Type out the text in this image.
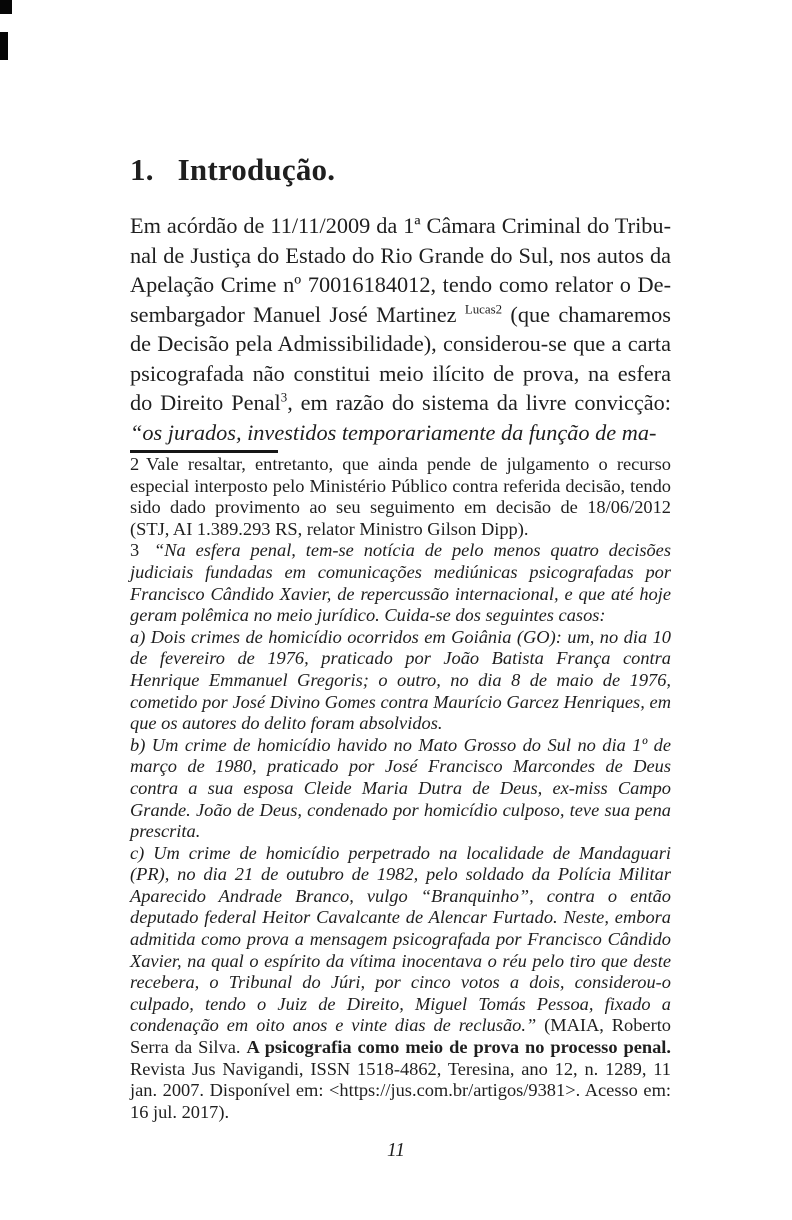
1. Introdução.

Em acórdão de 11/11/2009 da 1ª Câmara Criminal do Tribunal de Justiça do Estado do Rio Grande do Sul, nos autos da Apelação Crime nº 70016184012, tendo como relator o Desembargador Manuel José Martinez $^{Lucas2}$ (que chamaremos de Decisão pela Admissibilidade), considerou-se que a carta psicografada não constitui meio ilícito de prova, na esfera do Direito Penal$^3$, em razão do sistema da livre convicção: “os jurados, investidos temporariamente da função de ma-

2 Vale resaltar, entretanto, que ainda pende de julgamento o recurso especial interposto pelo Ministério Público contra referida decisão, tendo sido dado provimento ao seu seguimento em decisão de 18/06/2012 (STJ, AI 1.389.293 RS, relator Ministro Gilson Dipp).

3 “Na esfera penal, tem-se notícia de pelo menos quatro decisões judiciais fundadas em comunicações mediúnicas psicografadas por Francisco Cândido Xavier, de repercussão internacional, e que até hoje geram polêmica no meio jurídico. Cuida-se dos seguintes casos:

a) Dois crimes de homicídio ocorridos em Goiânia (GO): um, no dia 10 de fevereiro de 1976, praticado por João Batista França contra Henrique Emmanuel Gregoris; o outro, no dia 8 de maio de 1976, cometido por José Divino Gomes contra Maurício Garcez Henriques, em que os autores do delito foram absolvidos.

b) Um crime de homicídio havido no Mato Grosso do Sul no dia 1º de março de 1980, praticado por José Francisco Marcondes de Deus contra a sua esposa Cleide Maria Dutra de Deus, ex-miss Campo Grande. João de Deus, condenado por homicídio culposo, teve sua pena prescrita.

c) Um crime de homicídio perpetrado na localidade de Mandaguari (PR), no dia 21 de outubro de 1982, pelo soldado da Polícia Militar Aparecido Andrade Branco, vulgo “Branquinho”, contra o então deputado federal Heitor Cavalcante de Alencar Furtado. Neste, embora admitida como prova a mensagem psicografada por Francisco Cândido Xavier, na qual o espírito da vítima inocentava o réu pelo tiro que deste recebera, o Tribunal do Júri, por cinco votos a dois, considerou-o culpado, tendo o Juiz de Direito, Miguel Tomás Pessoa, fixado a condenação em oito anos e vinte dias de reclusão.” (MAIA, Roberto Serra da Silva. A psicografia como meio de prova no processo penal. Revista Jus Navigandi, ISSN 1518-4862, Teresina, ano 12, n. 1289, 11 jan. 2007. Disponível em: <https://jus.com.br/artigos/9381>. Acesso em: 16 jul. 2017).

11
